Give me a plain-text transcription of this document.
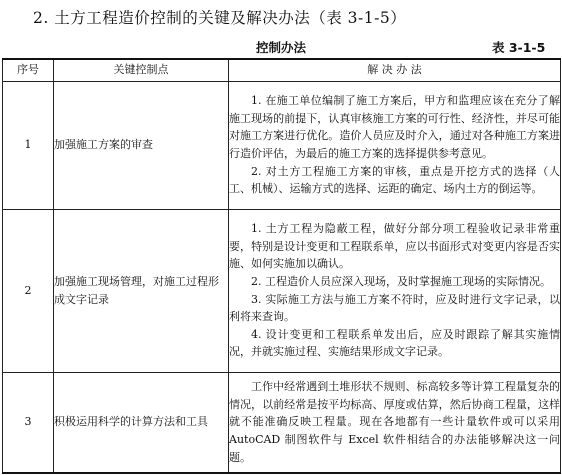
2. 土方工程造价控制的关键及解决办法（表 3-1-5）
控制办法	表 3-1-5
序号	关键控制点	解 决 办 法
1	加强施工方案的审查	1. 在施工单位编制了施工方案后，甲方和监理应该在充分了解施工现场的前提下，认真审核施工方案的可行性、经济性，并尽可能对施工方案进行优化。造价人员应及时介入，通过对各种施工方案进行造价评估，为最后的施工方案的选择提供参考意见。

2. 对土方工程施工方案的审核，重点是开挖方式的选择（人工、机械）、运输方式的选择、运距的确定、场内土方的倒运等。

2	加强施工现场管理，对施工过程形成文字记录	1. 土方工程为隐蔽工程，做好分部分项工程验收记录非常重要，特别是设计变更和工程联系单，应以书面形式对变更内容是否实施、如何实施加以确认。

2. 工程造价人员应深入现场，及时掌握施工现场的实际情况。

3. 实际施工方法与施工方案不符时，应及时进行文字记录，以利将来查询。

4. 设计变更和工程联系单发出后，应及时跟踪了解其实施情况，并就实施过程、实施结果形成文字记录。

3	积极运用科学的计算方法和工具	工作中经常遇到土堆形状不规则、标高较多等计算工程量复杂的情况，以前经常是按平均标高、厚度或估算，然后协商工程量，这样就不能准确反映工程量。现在各地都有一些计量软件或可以采用 AutoCAD 制图软件与 Excel 软件相结合的办法能够解决这一问题。
